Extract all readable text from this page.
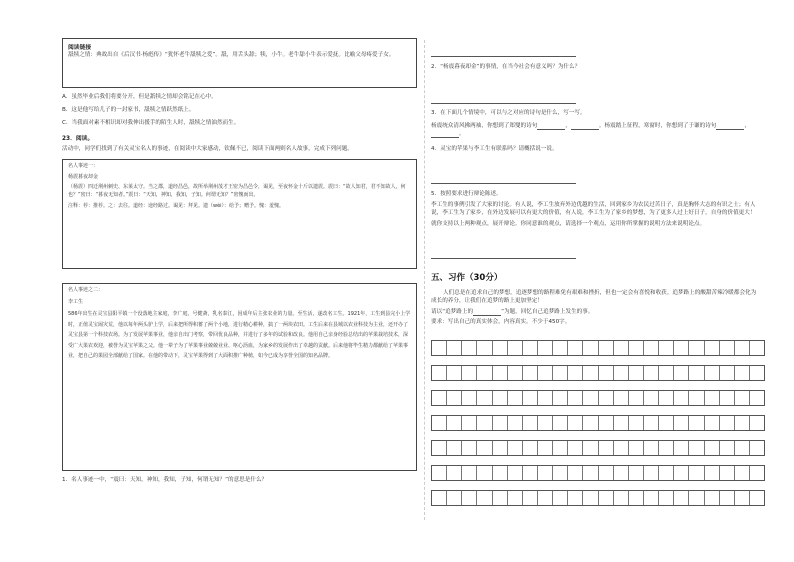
阅读链接
舐犊之情：典故出自《后汉书·杨彪传》“犹怀老牛舐犊之爱”。舐，用舌头舔；犊，小牛。老牛舔小牛表示爱抚。比喻父母疼爱子女。
A．虽然毕业后我们将要分开，但是舐犊之情却会铭记在心中。
B．这是他写给儿子的一封家书，舐犊之情跃然纸上。
C．当我面对素不相识却对我伸出援手的陌生人时，舐犊之情油然而生。
23．阅读。
活动中，同学们找到了有关灵宝名人的事迹，在阅读中大家感动，钦佩不已，阅读下面两则名人故事，完成下列问题。
名人事迹一：
杨震暮夜却金
（杨震）四迁荆州刺史、东莱太守。当之郡，道经昌邑，故所举荆州茂才王密为昌邑令，谒见，至夜怀金十斤以遗震。震曰：“故人知君，君不知故人，何也？”密曰：“暮夜无知者。”震曰：“天知，神知，我知，子知。何谓无知？”密愧而出。
注释：荐：推荐。之：去往。道经：途经路过。谒见：拜见。遗（wèi）：给予；赠予。愧：羞愧。
名人事迹之二：
李工生
586年出生在灵宝县阳平镇一个没落地主家庭，李广庭，号健斋，乳名泰江，因成年后主张农业的力量。至生活，遂改名工生。1921年，工生到县完小上学时，正值灵宝闹灾荒，他以每年两头驴上学，后来把所得积蓄了两个小地，进行精心耕种，搞了一两块农田。工生后来在县城以农业科技为主业，还开办了灵宝县第一个科技农场。为了发展苹果事业，他亲自出门考察，带回优良品种，并进行了多年的试验和改良。他用自己亲身经验总结出的苹果栽培技术，深受广大果农欢迎，被誉为灵宝苹果之父。他一辈子为了苹果事业兢兢业业、呕心沥血，为家乡的发展作出了卓越的贡献。后来他将毕生精力都献给了苹果事业，把自己的果园全部献给了国家。在他的带动下，灵宝苹果得到了大面积推广种植，如今已成为享誉全国的知名品牌。
1．名人事迹一中，“震曰：天知，神知，我知，子知，何谓无知？”的意思是什么？
2．“杨震暮夜却金”的事情，在当今社会有意义吗？为什么？
3．在下面几个情境中，可以与之对应的诗句是什么，写一写。
杨震统众清风拂两袖，你想到了郑燮的诗句	，	。杨震踏上征程，寒窗时，你想到了于谦的诗句	，。
4．灵宝的苹果与李工生有联系吗？请概括说一说。
5．按照要求进行辩论陈述。
李工生的事例引发了大家的讨论。有人说，李工生放弃外边优越的生活，回到家乡为农民过苦日子，真是胸怀大志的有识之士；有人说，李工生为了家乡，在外边发展可以有更大的价值，有人说，李工生为了家乡的梦想，为了更多人过上好日子，自身的价值更大！
就你支持以上两种观点，展开辩论。你同意谁的观点，请选择一个观点，运用你所掌握的说明方法来说明论点。
五、习作（30分）
人们总是在追求自己的梦想，追逐梦想的路程难免有艰难和挫折，但也一定会有喜悦和收获。追梦路上的酸甜苦辣冷暖都会化为成长的养分，让我们在追梦的路上更加坚定！
请以“追梦路上的	”为题，回忆自己追梦路上发生的事。
要求：写出自己的真实体会，内容真实。不少于450字。
